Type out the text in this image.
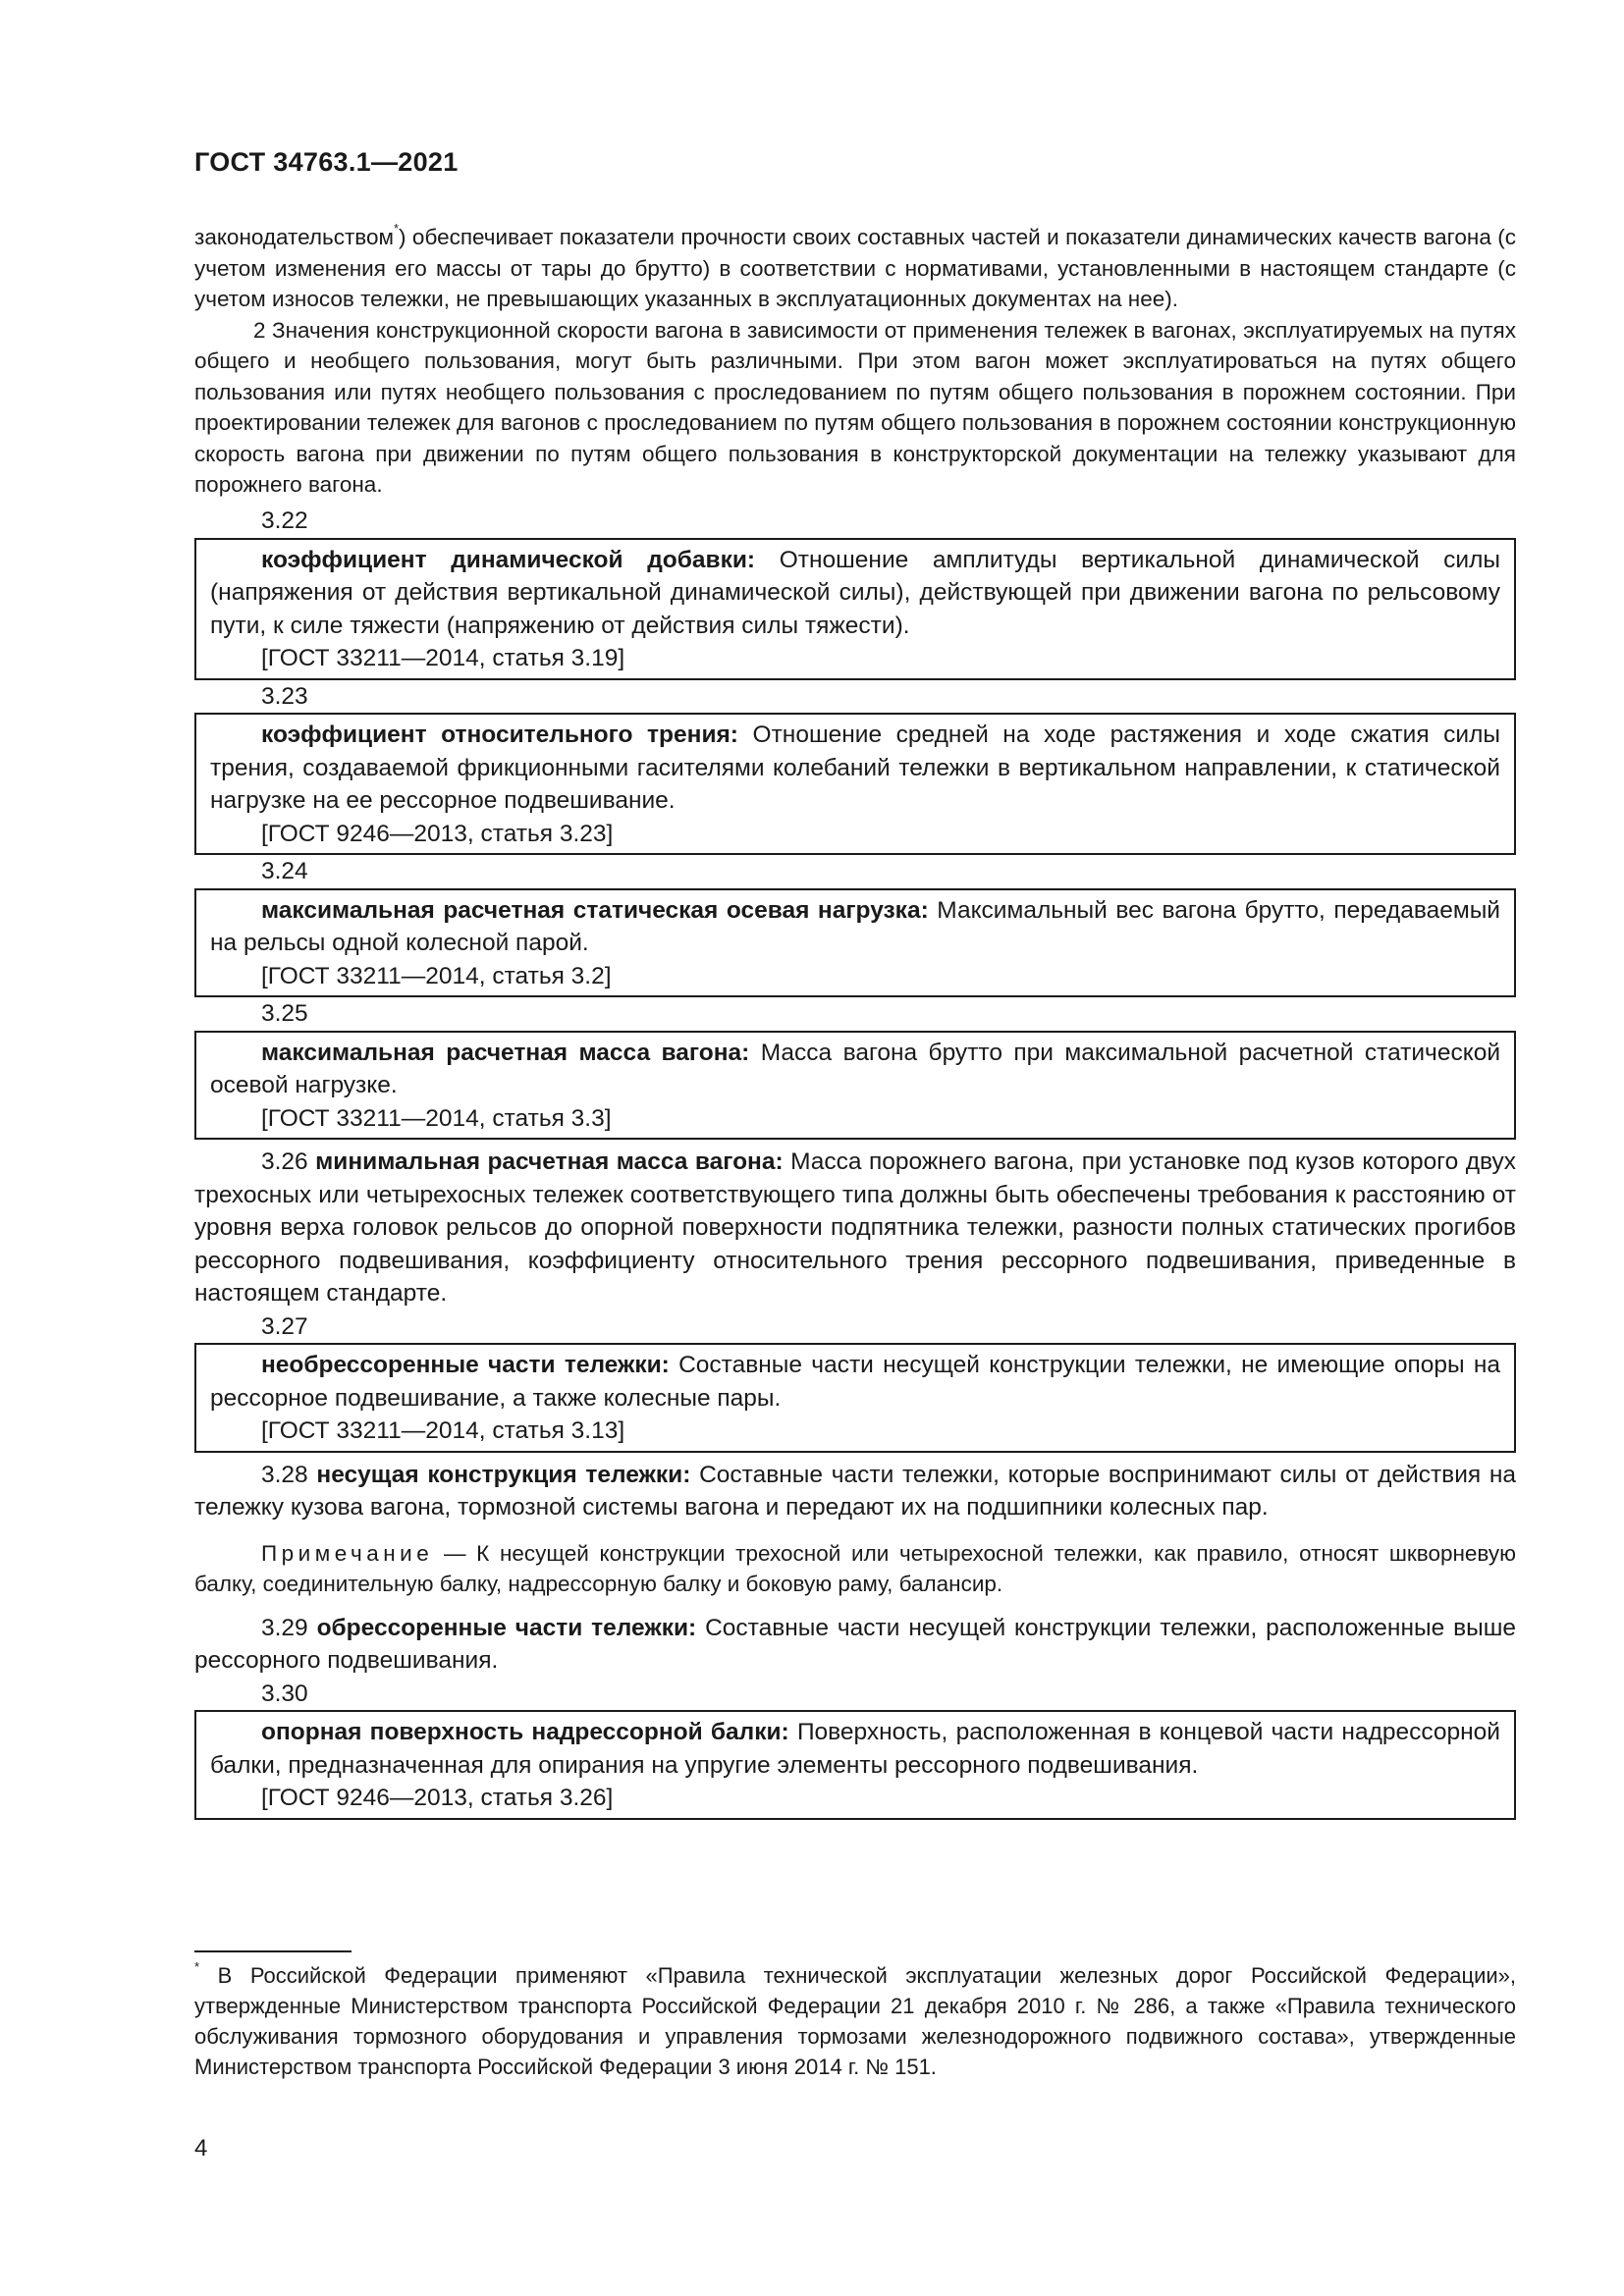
ГОСТ 34763.1—2021

законодательством*) обеспечивает показатели прочности своих составных частей и показатели динамических качеств вагона (с учетом изменения его массы от тары до брутто) в соответствии с нормативами, установленными в настоящем стандарте (с учетом износов тележки, не превышающих указанных в эксплуатационных документах на нее).

2 Значения конструкционной скорости вагона в зависимости от применения тележек в вагонах, эксплуатируемых на путях общего и необщего пользования, могут быть различными. При этом вагон может эксплуатироваться на путях общего пользования или путях необщего пользования с проследованием по путям общего пользования в порожнем состоянии. При проектировании тележек для вагонов с проследованием по путям общего пользования в порожнем состоянии конструкционную скорость вагона при движении по путям общего пользования в конструкторской документации на тележку указывают для порожнего вагона.

3.22

коэффициент динамической добавки: Отношение амплитуды вертикальной динамической силы (напряжения от действия вертикальной динамической силы), действующей при движении вагона по рельсовому пути, к силе тяжести (напряжению от действия силы тяжести).

[ГОСТ 33211—2014, статья 3.19]

3.23

коэффициент относительного трения: Отношение средней на ходе растяжения и ходе сжатия силы трения, создаваемой фрикционными гасителями колебаний тележки в вертикальном направлении, к статической нагрузке на ее рессорное подвешивание.

[ГОСТ 9246—2013, статья 3.23]

3.24

максимальная расчетная статическая осевая нагрузка: Максимальный вес вагона брутто, передаваемый на рельсы одной колесной парой.

[ГОСТ 33211—2014, статья 3.2]

3.25

максимальная расчетная масса вагона: Масса вагона брутто при максимальной расчетной статической осевой нагрузке.

[ГОСТ 33211—2014, статья 3.3]

3.26 минимальная расчетная масса вагона: Масса порожнего вагона, при установке под кузов которого двух трехосных или четырехосных тележек соответствующего типа должны быть обеспечены требования к расстоянию от уровня верха головок рельсов до опорной поверхности подпятника тележки, разности полных статических прогибов рессорного подвешивания, коэффициенту относительного трения рессорного подвешивания, приведенные в настоящем стандарте.

3.27

необрессоренные части тележки: Составные части несущей конструкции тележки, не имеющие опоры на рессорное подвешивание, а также колесные пары.

[ГОСТ 33211—2014, статья 3.13]

3.28 несущая конструкция тележки: Составные части тележки, которые воспринимают силы от действия на тележку кузова вагона, тормозной системы вагона и передают их на подшипники колесных пар.

Примечание — К несущей конструкции трехосной или четырехосной тележки, как правило, относят шкворневую балку, соединительную балку, надрессорную балку и боковую раму, балансир.

3.29 обрессоренные части тележки: Составные части несущей конструкции тележки, расположенные выше рессорного подвешивания.

3.30

опорная поверхность надрессорной балки: Поверхность, расположенная в концевой части надрессорной балки, предназначенная для опирания на упругие элементы рессорного подвешивания.

[ГОСТ 9246—2013, статья 3.26]

* В Российской Федерации применяют «Правила технической эксплуатации железных дорог Российской Федерации», утвержденные Министерством транспорта Российской Федерации 21 декабря 2010 г. № 286, а также «Правила технического обслуживания тормозного оборудования и управления тормозами железнодорожного подвижного состава», утвержденные Министерством транспорта Российской Федерации 3 июня 2014 г. № 151.

4
